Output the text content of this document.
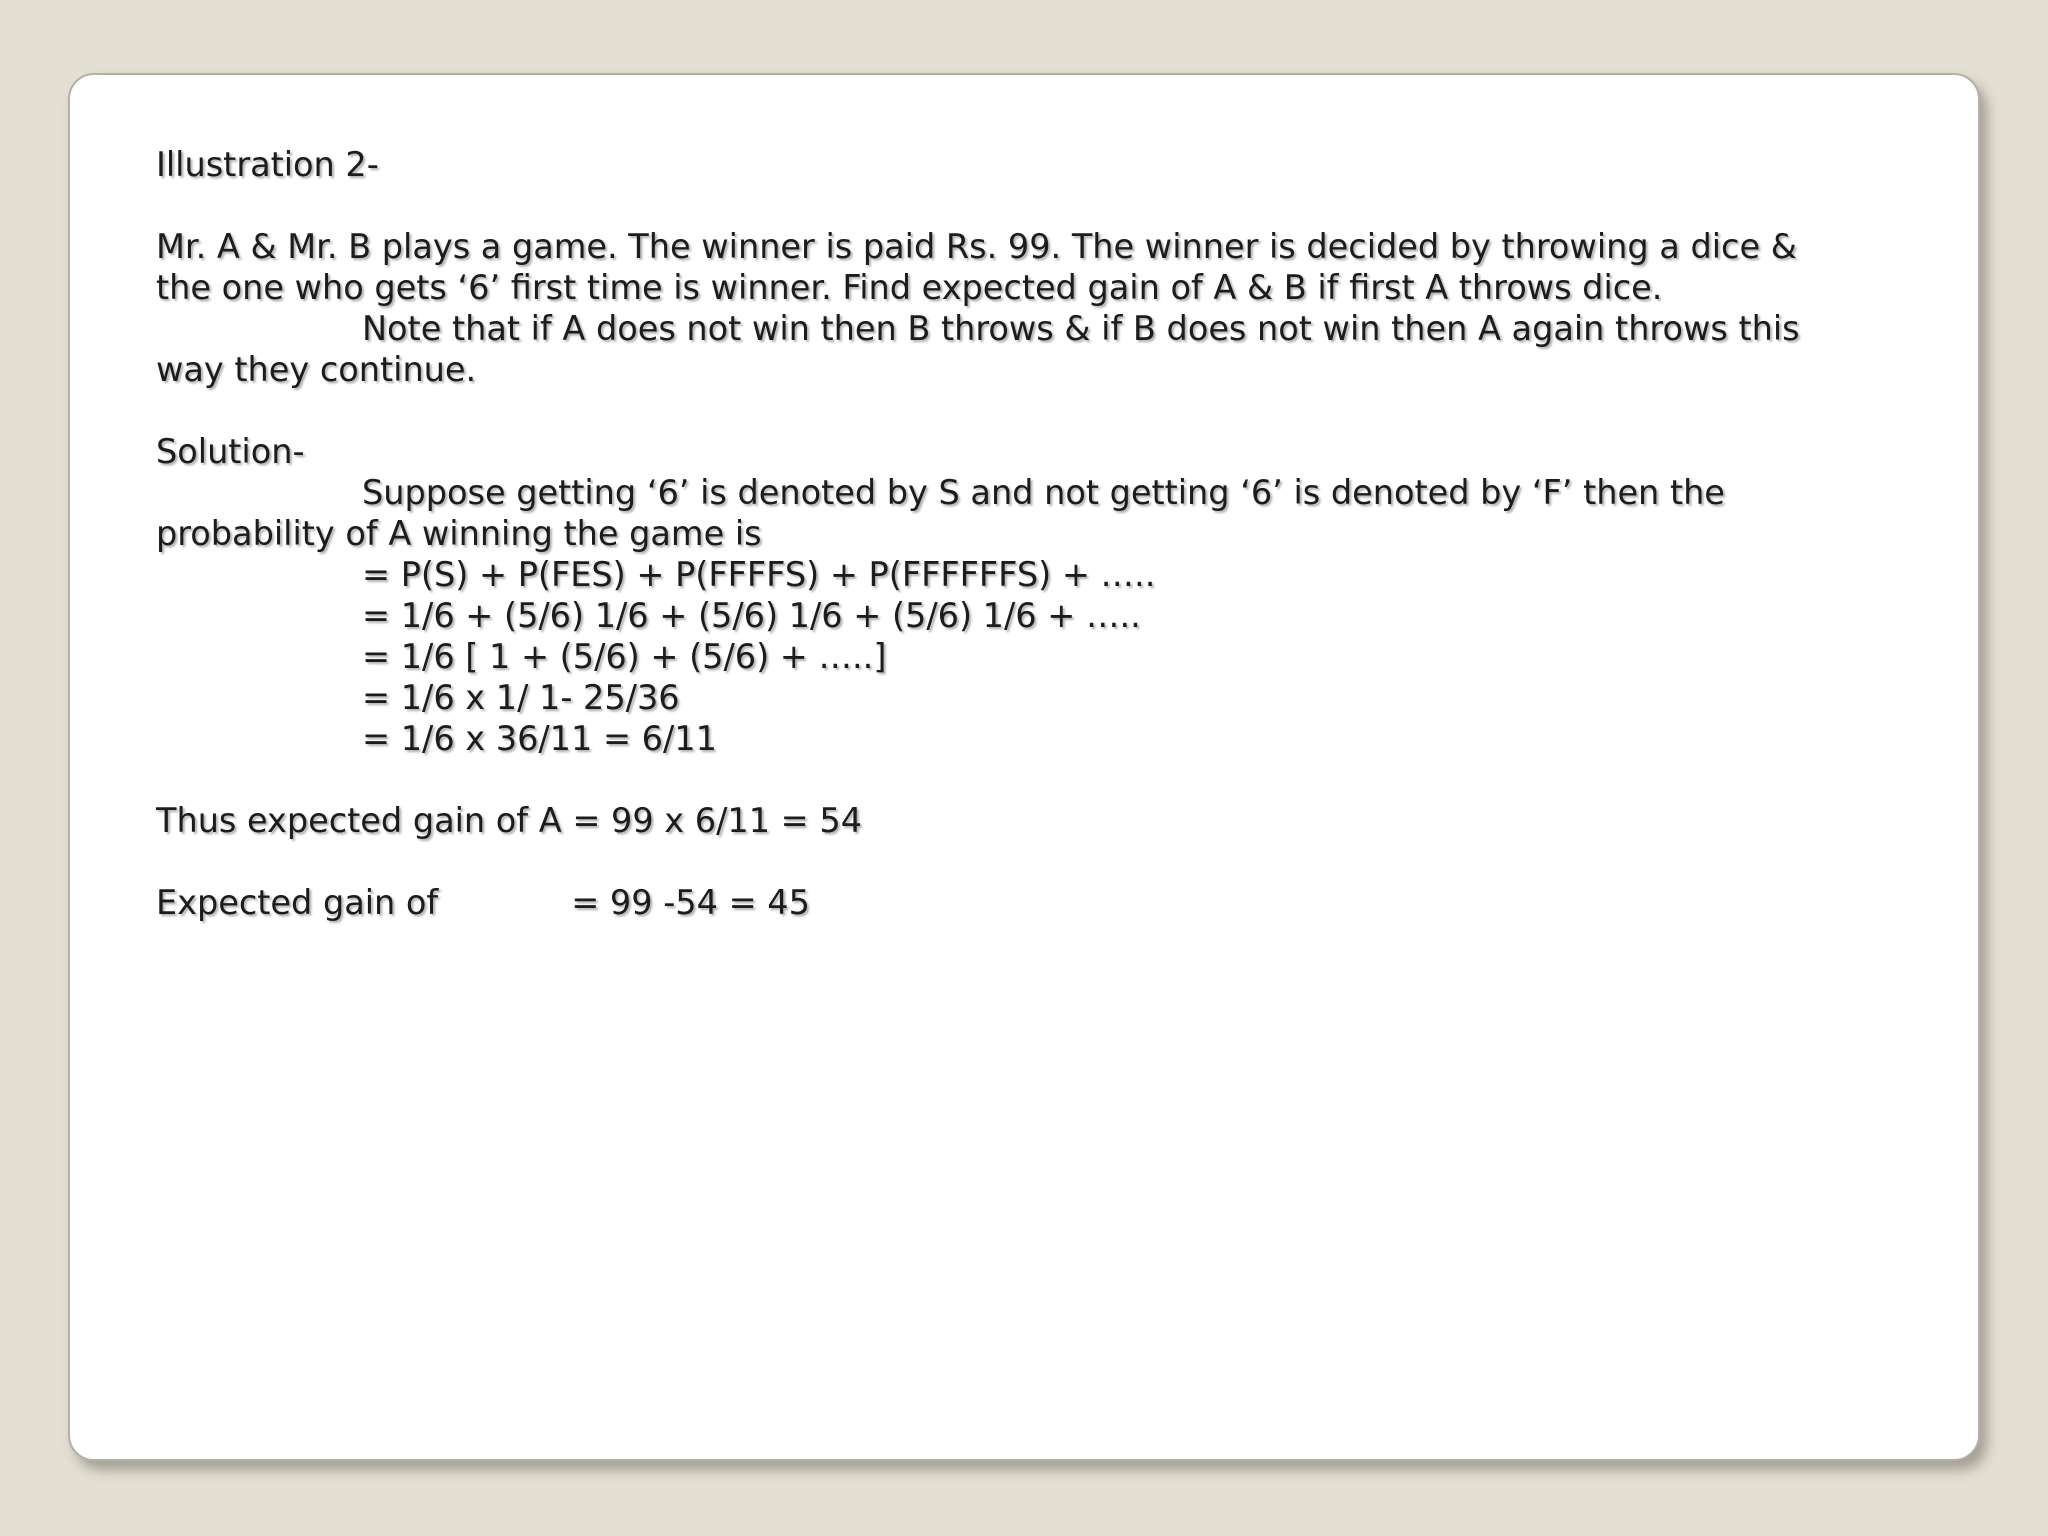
Illustration 2-
Mr. A & Mr. B plays a game. The winner is paid Rs. 99. The winner is decided by throwing a dice &
the one who gets ‘6’ first time is winner. Find expected gain of A & B if first A throws dice.
Note that if A does not win then B throws & if B does not win then A again throws this
way they continue.
Solution-
Suppose getting ‘6’ is denoted by S and not getting ‘6’ is denoted by ‘F’ then the
probability of A winning the game is
= P(S) + P(FES) + P(FFFFS) + P(FFFFFFS) + …..
= 1/6 + (5/6) 1/6 + (5/6) 1/6 + (5/6) 1/6 + …..
= 1/6 [ 1 + (5/6) + (5/6) + …..]
= 1/6 x 1/ 1- 25/36
= 1/6 x 36/11 = 6/11
Thus expected gain of A = 99 x 6/11 = 54
Expected gain of	= 99 -54 = 45
